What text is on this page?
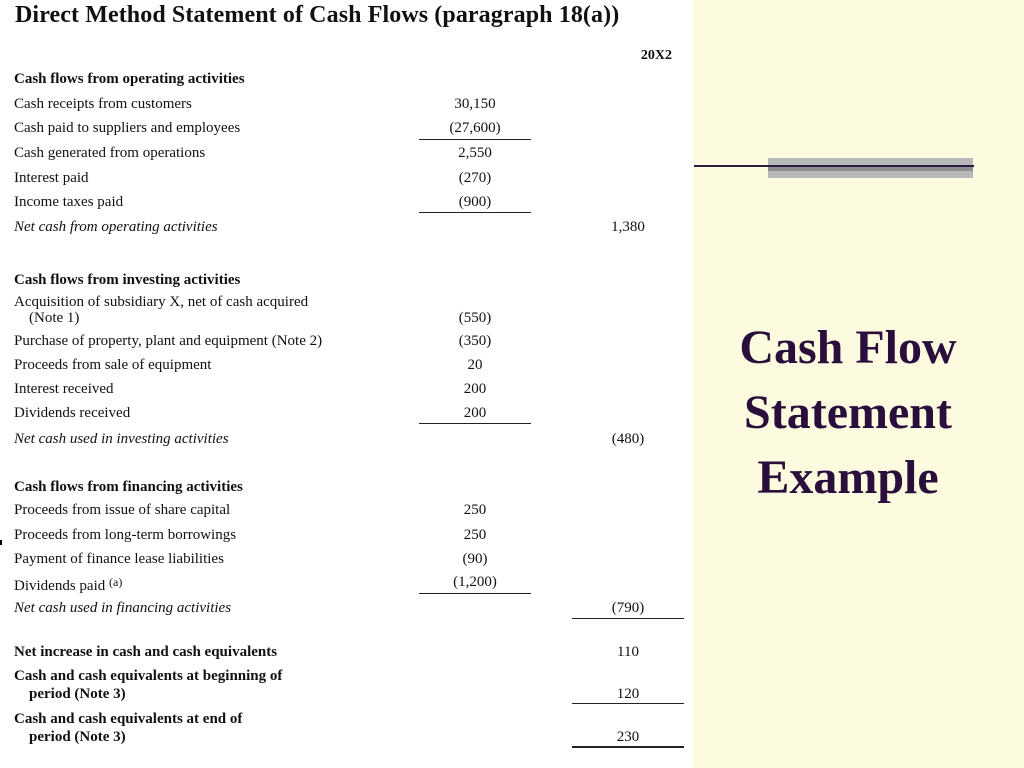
Direct Method Statement of Cash Flows (paragraph 18(a))
20X2
Cash flows from operating activities
Cash receipts from customers	30,150
Cash paid to suppliers and employees	(27,600)
Cash generated from operations	2,550
Interest paid	(270)
Income taxes paid	(900)
Net cash from operating activities	1,380
Cash flows from investing activities
Acquisition of subsidiary X, net of cash acquired
(Note 1)	(550)
Purchase of property, plant and equipment (Note 2)	(350)
Proceeds from sale of equipment	20
Interest received	200
Dividends received	200
Net cash used in investing activities	(480)
Cash flows from financing activities
Proceeds from issue of share capital	250
Proceeds from long-term borrowings	250
Payment of finance lease liabilities	(90)
Dividends paid $^{(a)}$	(1,200)
Net cash used in financing activities	(790)
Net increase in cash and cash equivalents	110
Cash and cash equivalents at beginning of
period (Note 3)	120
Cash and cash equivalents at end of
period (Note 3)	230
Cash Flow
Statement
Example
